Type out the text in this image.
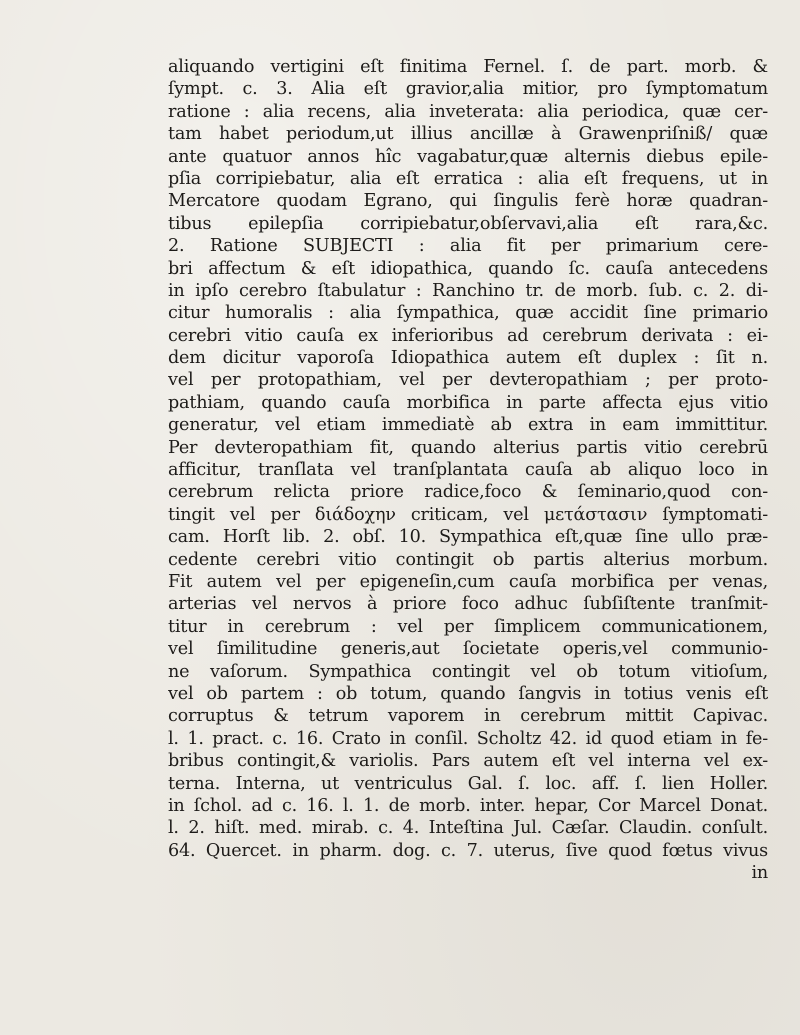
aliquando vertigini eſt finitima Fernel. ſ. de part. morb. &
ſympt. c. 3. Alia eſt gravior,alia mitior, pro ſymptomatum
ratione : alia recens, alia inveterata: alia periodica, quæ cer-
tam habet periodum,ut illius ancillæ à Grawenpriſniß/ quæ
ante quatuor annos hîc vagabatur,quæ alternis diebus epile-
pſia corripiebatur, alia eſt erratica : alia eſt frequens, ut in
Mercatore quodam Egrano, qui ſingulis ferè horæ quadran-
tibus epilepſia corripiebatur,obſervavi,alia eſt rara,&c.
2. Ratione SUBJECTI : alia fit per primarium cere-
bri affectum & eſt idiopathica, quando ſc. cauſa antecedens
in ipſo cerebro ſtabulatur : Ranchino tr. de morb. ſub. c. 2. di-
citur humoralis : alia ſympathica, quæ accidit ſine primario
cerebri vitio cauſa ex inferioribus ad cerebrum derivata : ei-
dem dicitur vaporoſa Idiopathica autem eſt duplex : ſit n.
vel per protopathiam, vel per devteropathiam ; per proto-
pathiam, quando cauſa morbifica in parte affecta ejus vitio
generatur, vel etiam immediatè ab extra in eam immittitur.
Per devteropathiam fit, quando alterius partis vitio cerebrū
afficitur, tranſlata vel tranſplantata cauſa ab aliquo loco in
cerebrum relicta priore radice,foco & ſeminario,quod con-
tingit vel per διάδοχην criticam, vel μετάστασιν ſymptomati-
cam. Horſt lib. 2. obſ. 10. Sympathica eſt,quæ ſine ullo præ-
cedente cerebri vitio contingit ob partis alterius morbum.
Fit autem vel per epigeneſin,cum cauſa morbifica per venas,
arterias vel nervos à priore foco adhuc ſubſiſtente tranſmit-
titur in cerebrum : vel per ſimplicem communicationem,
vel ſimilitudine generis,aut ſocietate operis,vel communio-
ne vaſorum. Sympathica contingit vel ob totum vitioſum,
vel ob partem : ob totum, quando ſangvis in totius venis eſt
corruptus & tetrum vaporem in cerebrum mittit Capivac.
l. 1. pract. c. 16. Crato in conſil. Scholtz 42. id quod etiam in fe-
bribus contingit,& variolis. Pars autem eſt vel interna vel ex-
terna. Interna, ut ventriculus Gal. ſ. loc. aff. ſ. lien Holler.
in ſchol. ad c. 16. l. 1. de morb. inter. hepar, Cor Marcel Donat.
l. 2. hiſt. med. mirab. c. 4. Inteſtina Jul. Cæſar. Claudin. conſult.
64. Quercet. in pharm. dog. c. 7. uterus, ſive quod fœtus vivus
in
